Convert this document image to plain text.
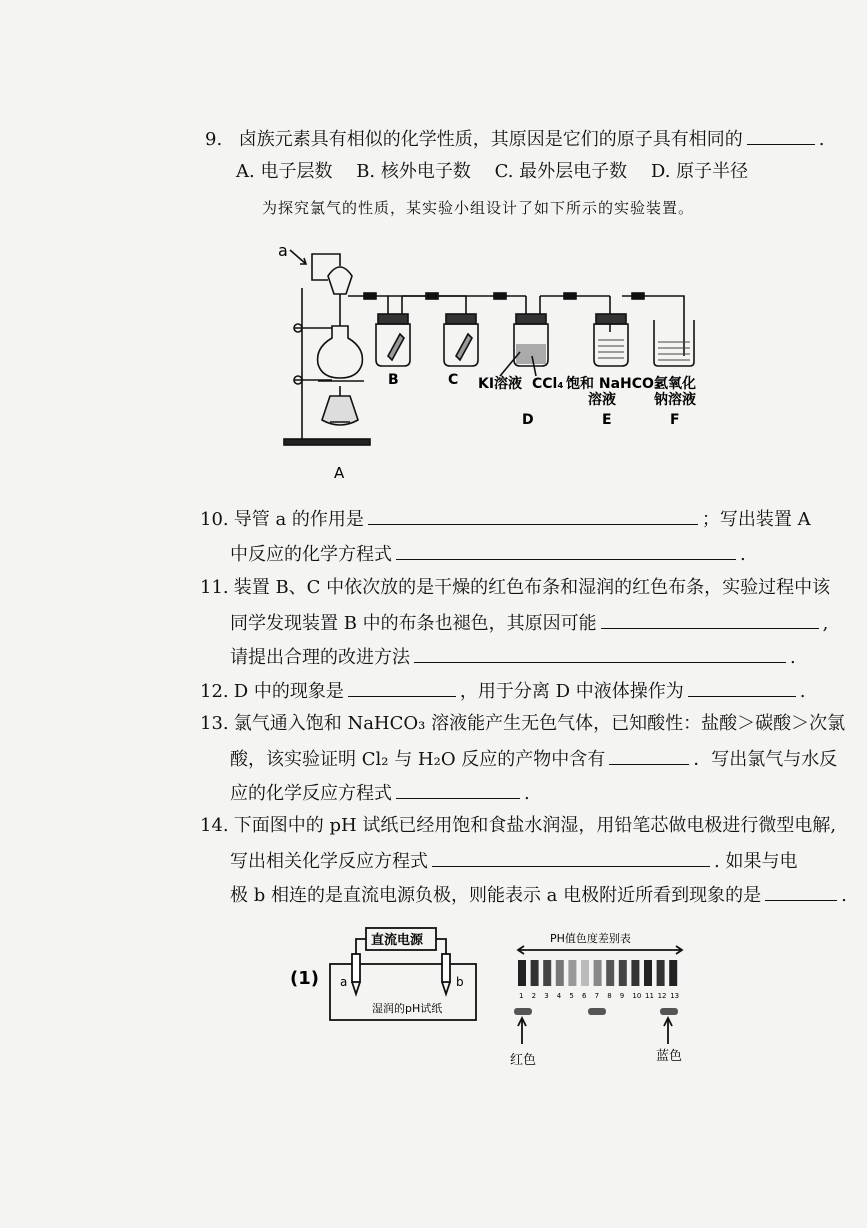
9. 卤族元素具有相似的化学性质，其原因是它们的原子具有相同的	.
A. 电子层数 B. 核外电子数 C. 最外层电子数 D. 原子半径
为探究氯气的性质，某实验小组设计了如下所示的实验装置。
a
A
B	C KI溶液 CCl₄
D
饱和 NaHCO₃
溶液
E
氢氧化
钠溶液
F
10. 导管 a 的作用是	；写出装置 A
中反应的化学方程式	.
11. 装置 B、C 中依次放的是干燥的红色布条和湿润的红色布条，实验过程中该
同学发现装置 B 中的布条也褪色，其原因可能	,
请提出合理的改进方法	.
12. D 中的现象是	，用于分离 D 中液体操作为	.
13. 氯气通入饱和 NaHCO₃ 溶液能产生无色气体，已知酸性：盐酸＞碳酸＞次氯
酸，该实验证明 Cl₂ 与 H₂O 反应的产物中含有	．写出氯气与水反
应的化学反应方程式	.
14. 下面图中的 pH 试纸已经用饱和食盐水润湿，用铅笔芯做电极进行微型电解,
写出相关化学反应方程式	. 如果与电
极 b 相连的是直流电源负极，则能表示 a 电极附近所看到现象的是	.
(1)
直流电源
a	b
湿润的pH试纸
PH值色度差别表
1 2 3 4 5 6 7 8 9 10 11 12 13
红色	蓝色
